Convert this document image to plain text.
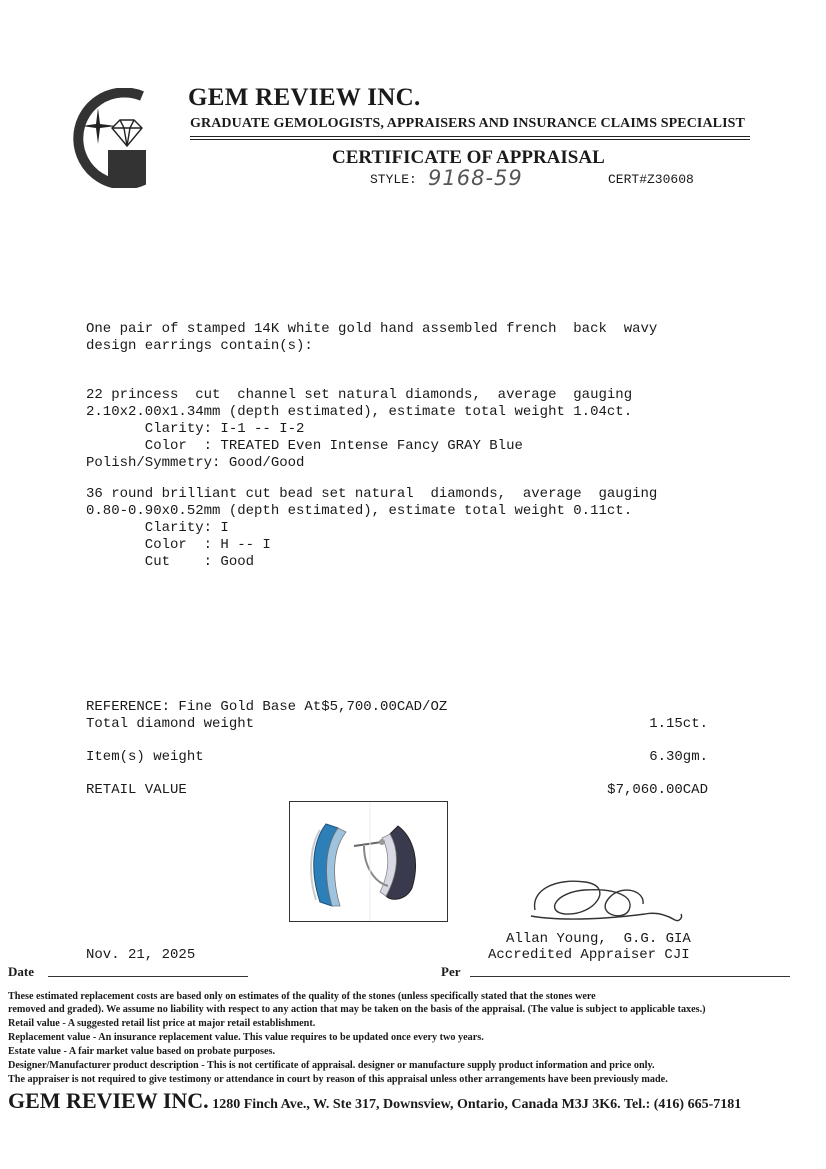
GEM REVIEW INC.
GRADUATE GEMOLOGISTS, APPRAISERS AND INSURANCE CLAIMS SPECIALIST
CERTIFICATE OF APPRAISAL
STYLE: 9168-59	CERT#Z30608
One pair of stamped 14K white gold hand assembled french  back  wavy
design earrings contain(s):
22 princess  cut  channel set natural diamonds,  average  gauging
2.10x2.00x1.34mm (depth estimated), estimate total weight 1.04ct.
Clarity: I-1 -- I-2
Color  : TREATED Even Intense Fancy GRAY Blue
Polish/Symmetry: Good/Good
36 round brilliant cut bead set natural  diamonds,  average  gauging
0.80-0.90x0.52mm (depth estimated), estimate total weight 0.11ct.
Clarity: I
Color  : H -- I
Cut    : Good
REFERENCE: Fine Gold Base At$5,700.00CAD/OZ
Total diamond weight	1.15ct.
Item(s) weight	6.30gm.
RETAIL VALUE	$7,060.00CAD
Allan Young,  G.G. GIA
Accredited Appraiser CJI
Nov. 21, 2025
Date	Per
These estimated replacement costs are based only on estimates of the quality of the stones (unless specifically stated that the stones were
removed and graded). We assume no liability with respect to any action that may be taken on the basis of the appraisal. (The value is subject to applicable taxes.)
Retail value - A suggested retail list price at major retail establishment.
Replacement value - An insurance replacement value. This value requires to be updated once every two years.
Estate value - A fair market value based on probate purposes.
Designer/Manufacturer product description - This is not certificate of appraisal. designer or manufacture supply product information and price only.
The appraiser is not required to give testimony or attendance in court by reason of this appraisal unless other arrangements have been previously made.
GEM REVIEW INC. 1280 Finch Ave., W. Ste 317, Downsview, Ontario, Canada M3J 3K6. Tel.: (416) 665-7181
